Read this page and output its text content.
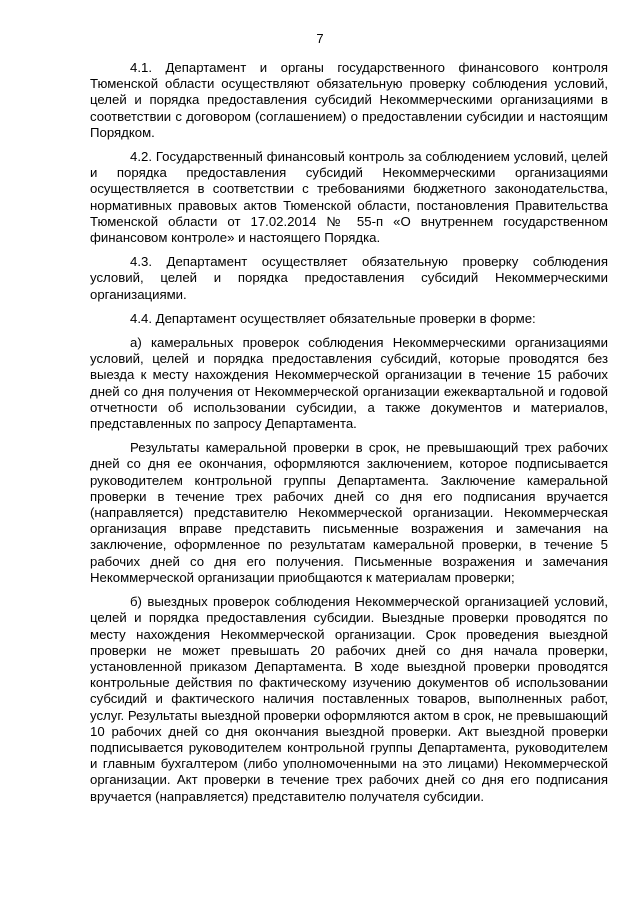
7

4.1. Департамент и органы государственного финансового контроля Тюменской области осуществляют обязательную проверку соблюдения условий, целей и порядка предоставления субсидий Некоммерческими организациями в соответствии с договором (соглашением) о предоставлении субсидии и настоящим Порядком.

4.2. Государственный финансовый контроль за соблюдением условий, целей и порядка предоставления субсидий Некоммерческими организациями осуществляется в соответствии с требованиями бюджетного законодательства, нормативных правовых актов Тюменской области, постановления Правительства Тюменской области от 17.02.2014 № 55-п «О внутреннем государственном финансовом контроле» и настоящего Порядка.

4.3. Департамент осуществляет обязательную проверку соблюдения условий, целей и порядка предоставления субсидий Некоммерческими организациями.

4.4. Департамент осуществляет обязательные проверки в форме:

а) камеральных проверок соблюдения Некоммерческими организациями условий, целей и порядка предоставления субсидий, которые проводятся без выезда к месту нахождения Некоммерческой организации в течение 15 рабочих дней со дня получения от Некоммерческой организации ежеквартальной и годовой отчетности об использовании субсидии, а также документов и материалов, представленных по запросу Департамента.

Результаты камеральной проверки в срок, не превышающий трех рабочих дней со дня ее окончания, оформляются заключением, которое подписывается руководителем контрольной группы Департамента. Заключение камеральной проверки в течение трех рабочих дней со дня его подписания вручается (направляется) представителю Некоммерческой организации. Некоммерческая организация вправе представить письменные возражения и замечания на заключение, оформленное по результатам камеральной проверки, в течение 5 рабочих дней со дня его получения. Письменные возражения и замечания Некоммерческой организации приобщаются к материалам проверки;

б) выездных проверок соблюдения Некоммерческой организацией условий, целей и порядка предоставления субсидии. Выездные проверки проводятся по месту нахождения Некоммерческой организации. Срок проведения выездной проверки не может превышать 20 рабочих дней со дня начала проверки, установленной приказом Департамента. В ходе выездной проверки проводятся контрольные действия по фактическому изучению документов об использовании субсидий и фактического наличия поставленных товаров, выполненных работ, услуг. Результаты выездной проверки оформляются актом в срок, не превышающий 10 рабочих дней со дня окончания выездной проверки. Акт выездной проверки подписывается руководителем контрольной группы Департамента, руководителем и главным бухгалтером (либо уполномоченными на это лицами) Некоммерческой организации. Акт проверки в течение трех рабочих дней со дня его подписания вручается (направляется) представителю получателя субсидии.
